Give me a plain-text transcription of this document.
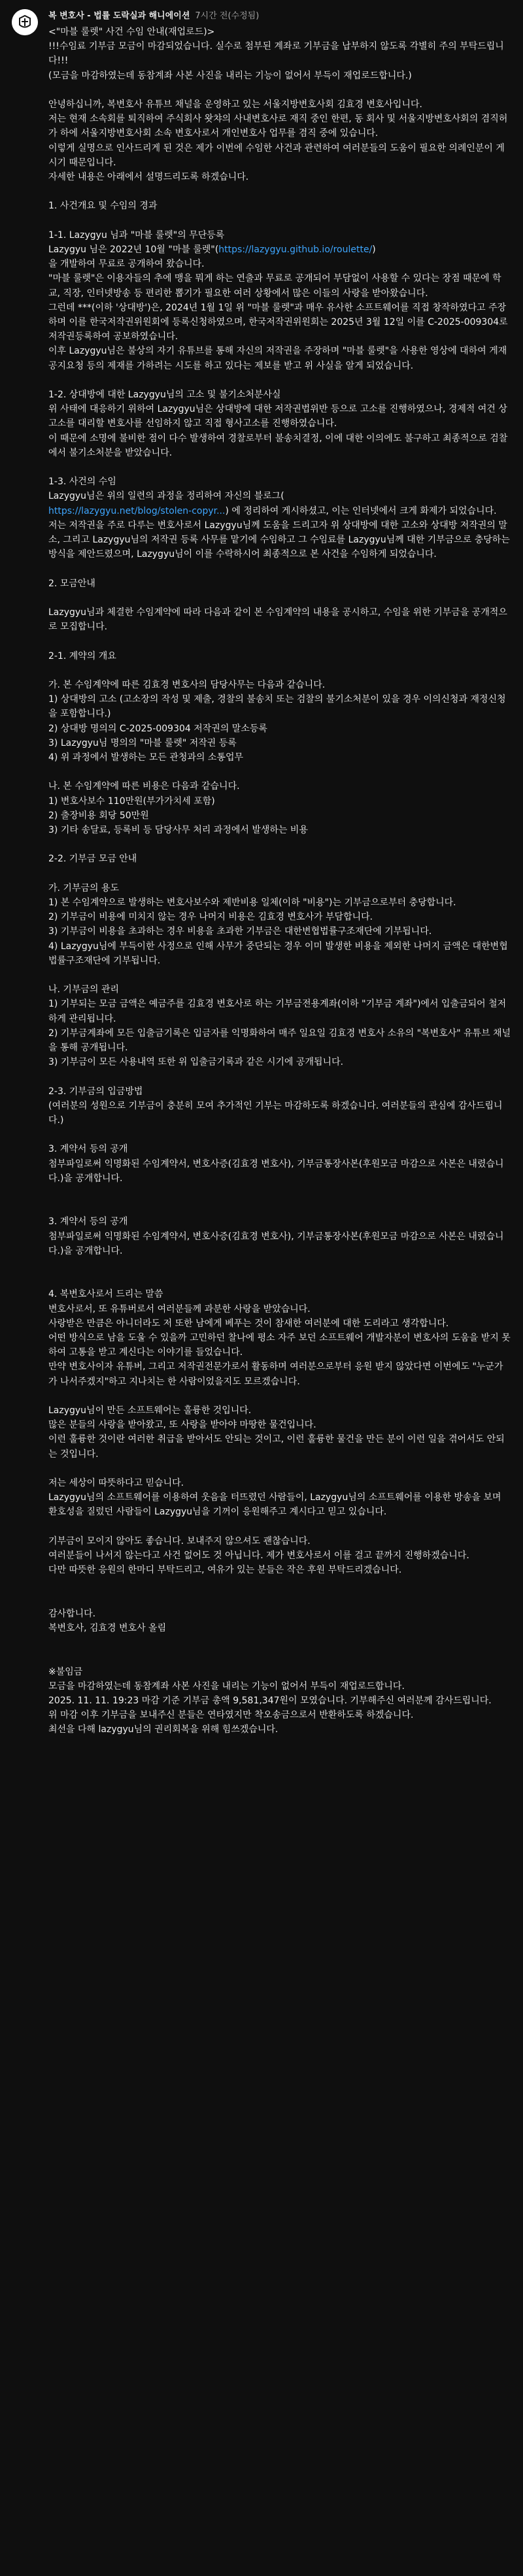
복 변호사 - 법률 도락실과 해니에이션 7시간 전(수정됨)
<"마블 룰렛" 사건 수임 안내(재업로드)>
!!!수임료 기부금 모금이 마감되었습니다. 실수로 첨부된 계좌로 기부금을 납부하지 않도록 각별히 주의 부탁드립니다!!!
(모금을 마감하였는데 동참계좌 사본 사진을 내리는 기능이 없어서 부득이 재업로드합니다.)
안녕하십니까, 복변호사 유튜브 채널을 운영하고 있는 서울지방변호사회 김효경 변호사입니다.
저는 현재 소속회를 퇴직하여 주식회사 왓챠의 사내변호사로 재직 중인 한편, 동 회사 및 서울지방변호사회의 겸직허가 하에 서울지방변호사회 소속 변호사로서 개인변호사 업무를 겸직 중에 있습니다.
이렇게 실명으로 인사드리게 된 것은 제가 이번에 수임한 사건과 관련하여 여러분들의 도움이 필요한 의례인분이 게시기 때문입니다.
자세한 내용은 아래에서 설명드리도록 하겠습니다.
1. 사건개요 및 수임의 경과
1-1. Lazygyu 님과 "마블 룰렛"의 무단등록
Lazygyu 님은 2022년 10월 "마블 룰렛"(https://lazygyu.github.io/roulette/)
을 개발하여 무료로 공개하여 왔습니다.
"마블 룰렛"은 이용자들의 추에 맹을 뭐게 하는 연출과 무료로 공개되어 부담없이 사용할 수 있다는 장점 때문에 학교, 직장, 인터넷방송 등 편리한 뽑기가 필요한 여러 상황에서 많은 이들의 사랑을 받아왔습니다.
그런데 ***(이하 '상대방')은, 2024년 1월 1일 위 "마블 룰렛"과 매우 유사한 소프트웨어를 직접 창작하였다고 주장하며 이를 한국저작권위원회에 등록신청하였으며, 한국저작권위원회는 2025년 3월 12일 이를 C-2025-009304로 저작권등록하여 공보하였습니다.
이후 Lazygyu님은 불상의 자기 유튜브를 통해 자신의 저작권을 주장하며 "마블 룰렛"을 사용한 영상에 대하여 게재공지요청 등의 제재를 가하려는 시도를 하고 있다는 제보를 받고 위 사실을 알게 되었습니다.
1-2. 상대방에 대한 Lazygyu님의 고소 및 불기소처분사실
위 사태에 대응하기 위하여 Lazygyu님은 상대방에 대한 저작권법위반 등으로 고소를 진행하였으나, 경제적 여건 상 고소를 대리할 변호사를 선임하지 않고 직접 형사고소를 진행하였습니다.
이 때문에 소명에 불비한 점이 다수 발생하여 경찰로부터 불송치결정, 이에 대한 이의에도 불구하고 최종적으로 검찰에서 불기소처분을 받았습니다.
1-3. 사건의 수임
Lazygyu님은 위의 일련의 과정을 정리하여 자신의 블로그(
https://lazygyu.net/blog/stolen-copyr...) 에 정리하여 게시하셨고, 이는 인터넷에서 크게 화제가 되었습니다.
저는 저작권을 주로 다루는 변호사로서 Lazygyu님께 도움을 드리고자 위 상대방에 대한 고소와 상대방 저작권의 말소, 그리고 Lazygyu님의 저작권 등록 사무를 맡기에 수임하고 그 수임료를 Lazygyu님께 대한 기부금으로 충당하는 방식을 제안드렸으며, Lazygyu님이 이를 수락하시어 최종적으로 본 사건을 수임하게 되었습니다.
2. 모금안내
Lazygyu님과 체결한 수임계약에 따라 다음과 같이 본 수임계약의 내용을 공시하고, 수임을 위한 기부금을 공개적으로 모집합니다.
2-1. 계약의 개요
가. 본 수임계약에 따른 김효경 변호사의 담당사무는 다음과 같습니다.
1) 상대방의 고소 (고소장의 작성 및 제출, 경찰의 불송치 또는 검찰의 불기소처분이 있을 경우 이의신청과 재정신청을 포함합니다.)
2) 상대방 명의의 C-2025-009304 저작권의 말소등록
3) Lazygyu님 명의의 "마블 룰렛" 저작권 등록
4) 위 과정에서 발생하는 모든 관청과의 소통업무
나. 본 수임계약에 따른 비용은 다음과 같습니다.
1) 변호사보수 110만원(부가가치세 포함)
2) 출장비용 회당 50만원
3) 기타 송달료, 등록비 등 담당사무 처리 과정에서 발생하는 비용
2-2. 기부금 모금 안내
가. 기부금의 용도
1) 본 수임계약으로 발생하는 변호사보수와 제반비용 일체(이하 "비용")는 기부금으로부터 충당합니다.
2) 기부금이 비용에 미치지 않는 경우 나머지 비용은 김효경 변호사가 부담합니다.
3) 기부금이 비용을 초과하는 경우 비용을 초과한 기부금은 대한변협법률구조재단에 기부됩니다.
4) Lazygyu님에 부득이한 사정으로 인해 사무가 중단되는 경우 이미 발생한 비용을 제외한 나머지 금액은 대한변협법률구조재단에 기부됩니다.
나. 기부금의 관리
1) 기부되는 모금 금액은 예금주를 김효경 변호사로 하는 기부금전용계좌(이하 "기부금 계좌")에서 입출금되어 철저하게 관리됩니다.
2) 기부금계좌에 모든 입출금기록은 입금자를 익명화하여 매주 일요일 김효경 변호사 소유의 "복변호사" 유튜브 채널을 통해 공개됩니다.
3) 기부금이 모든 사용내역 또한 위 입출금기록과 같은 시기에 공개됩니다.
2-3. 기부금의 입금방법
(여러분의 성원으로 기부금이 충분히 모여 추가적인 기부는 마감하도록 하겠습니다. 여러분들의 관심에 감사드립니다.)
3. 계약서 등의 공개
첨부파일로써 익명화된 수임계약서, 변호사증(김효경 변호사), 기부금통장사본(후원모금 마감으로 사본은 내렸습니다.)을 공개합니다.
3. 계약서 등의 공개
첨부파일로써 익명화된 수임계약서, 변호사증(김효경 변호사), 기부금통장사본(후원모금 마감으로 사본은 내렸습니다.)을 공개합니다.
4. 복변호사로서 드리는 말씀
변호사로서, 또 유튜버로서 여러분들께 과분한 사랑을 받았습니다.
사랑받은 만큼은 아니더라도 저 또한 남에게 베푸는 것이 참새한 여러분에 대한 도리라고 생각합니다.
어떤 방식으로 남을 도울 수 있을까 고민하던 찰나에 평소 자주 보던 소프트웨어 개발자분이 변호사의 도움을 받지 못하여 고통을 받고 계신다는 이야기를 들었습니다.
만약 변호사이자 유튜버, 그리고 저작권전문가로서 활동하며 여러분으로부터 응원 받지 않았다면 이번에도 "누군가가 나서주겠지"하고 지나치는 한 사람이었을지도 모르겠습니다.
Lazygyu님이 만든 소프트웨어는 훌륭한 것입니다.
많은 분들의 사랑을 받아왔고, 또 사랑을 받아야 마땅한 물건입니다.
이런 훌륭한 것이란 여러한 취급을 받아서도 안되는 것이고, 이런 훌륭한 물건을 만든 분이 이런 일을 겪어서도 안되는 것입니다.
저는 세상이 따뜻하다고 믿습니다.
Lazygyu님의 소프트웨어를 이용하여 웃음을 터뜨렸던 사람들이, Lazygyu님의 소프트웨어를 이용한 방송을 보며 환호성을 질렀던 사람들이 Lazygyu님을 기꺼이 응원해주고 계시다고 믿고 있습니다.
기부금이 모이지 않아도 좋습니다. 보내주지 않으셔도 괜찮습니다.
여러분들이 나서지 않는다고 사건 없어도 것 아닙니다. 제가 변호사로서 이를 걸고 끝까지 진행하겠습니다.
다만 따뜻한 응원의 한마디 부탁드리고, 여유가 있는 분들은 작은 후원 부탁드리겠습니다.
감사합니다.
복변호사, 김효경 변호사 올림
※불임금
모금을 마감하였는데 동참계좌 사본 사진을 내리는 기능이 없어서 부득이 재업로드합니다.
2025. 11. 11. 19:23 마감 기준 기부금 총액 9,581,347원이 모였습니다. 기부해주신 여러분께 감사드립니다.
위 마감 이후 기부금을 보내주신 분들은 연타였지만 착오송금으로서 반환하도록 하겠습니다.
최선을 다해 lazygyu님의 권리회복을 위해 힘쓰겠습니다.
